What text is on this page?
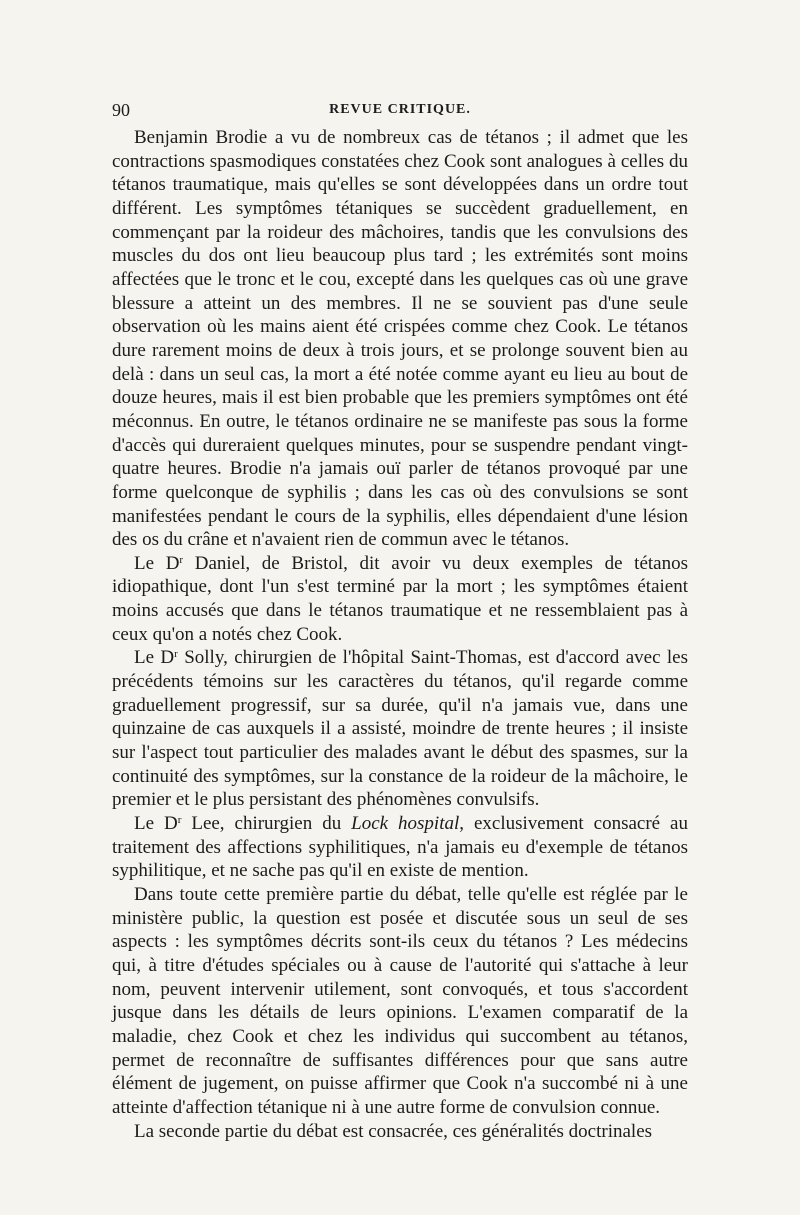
90	REVUE CRITIQUE.

Benjamin Brodie a vu de nombreux cas de tétanos ; il admet que les contractions spasmodiques constatées chez Cook sont analogues à celles du tétanos traumatique, mais qu'elles se sont développées dans un ordre tout différent. Les symptômes tétaniques se succèdent graduellement, en commençant par la roideur des mâchoires, tandis que les convulsions des muscles du dos ont lieu beaucoup plus tard ; les extrémités sont moins affectées que le tronc et le cou, excepté dans les quelques cas où une grave blessure a atteint un des membres. Il ne se souvient pas d'une seule observation où les mains aient été crispées comme chez Cook. Le tétanos dure rarement moins de deux à trois jours, et se prolonge souvent bien au delà : dans un seul cas, la mort a été notée comme ayant eu lieu au bout de douze heures, mais il est bien probable que les premiers symptômes ont été méconnus. En outre, le tétanos ordinaire ne se manifeste pas sous la forme d'accès qui dureraient quelques minutes, pour se suspendre pendant vingt-quatre heures. Brodie n'a jamais ouï parler de tétanos provoqué par une forme quelconque de syphilis ; dans les cas où des convulsions se sont manifestées pendant le cours de la syphilis, elles dépendaient d'une lésion des os du crâne et n'avaient rien de commun avec le tétanos.

Le $D^r$ Daniel, de Bristol, dit avoir vu deux exemples de tétanos idiopathique, dont l'un s'est terminé par la mort ; les symptômes étaient moins accusés que dans le tétanos traumatique et ne ressemblaient pas à ceux qu'on a notés chez Cook.

Le $D^r$ Solly, chirurgien de l'hôpital Saint-Thomas, est d'accord avec les précédents témoins sur les caractères du tétanos, qu'il regarde comme graduellement progressif, sur sa durée, qu'il n'a jamais vue, dans une quinzaine de cas auxquels il a assisté, moindre de trente heures ; il insiste sur l'aspect tout particulier des malades avant le début des spasmes, sur la continuité des symptômes, sur la constance de la roideur de la mâchoire, le premier et le plus persistant des phénomènes convulsifs.

Le $D^r$ Lee, chirurgien du Lock hospital, exclusivement consacré au traitement des affections syphilitiques, n'a jamais eu d'exemple de tétanos syphilitique, et ne sache pas qu'il en existe de mention.

Dans toute cette première partie du débat, telle qu'elle est réglée par le ministère public, la question est posée et discutée sous un seul de ses aspects : les symptômes décrits sont-ils ceux du tétanos ? Les médecins qui, à titre d'études spéciales ou à cause de l'autorité qui s'attache à leur nom, peuvent intervenir utilement, sont convoqués, et tous s'accordent jusque dans les détails de leurs opinions. L'examen comparatif de la maladie, chez Cook et chez les individus qui succombent au tétanos, permet de reconnaître de suffisantes différences pour que sans autre élément de jugement, on puisse affirmer que Cook n'a succombé ni à une atteinte d'affection tétanique ni à une autre forme de convulsion connue.

La seconde partie du débat est consacrée, ces généralités doctrinales
